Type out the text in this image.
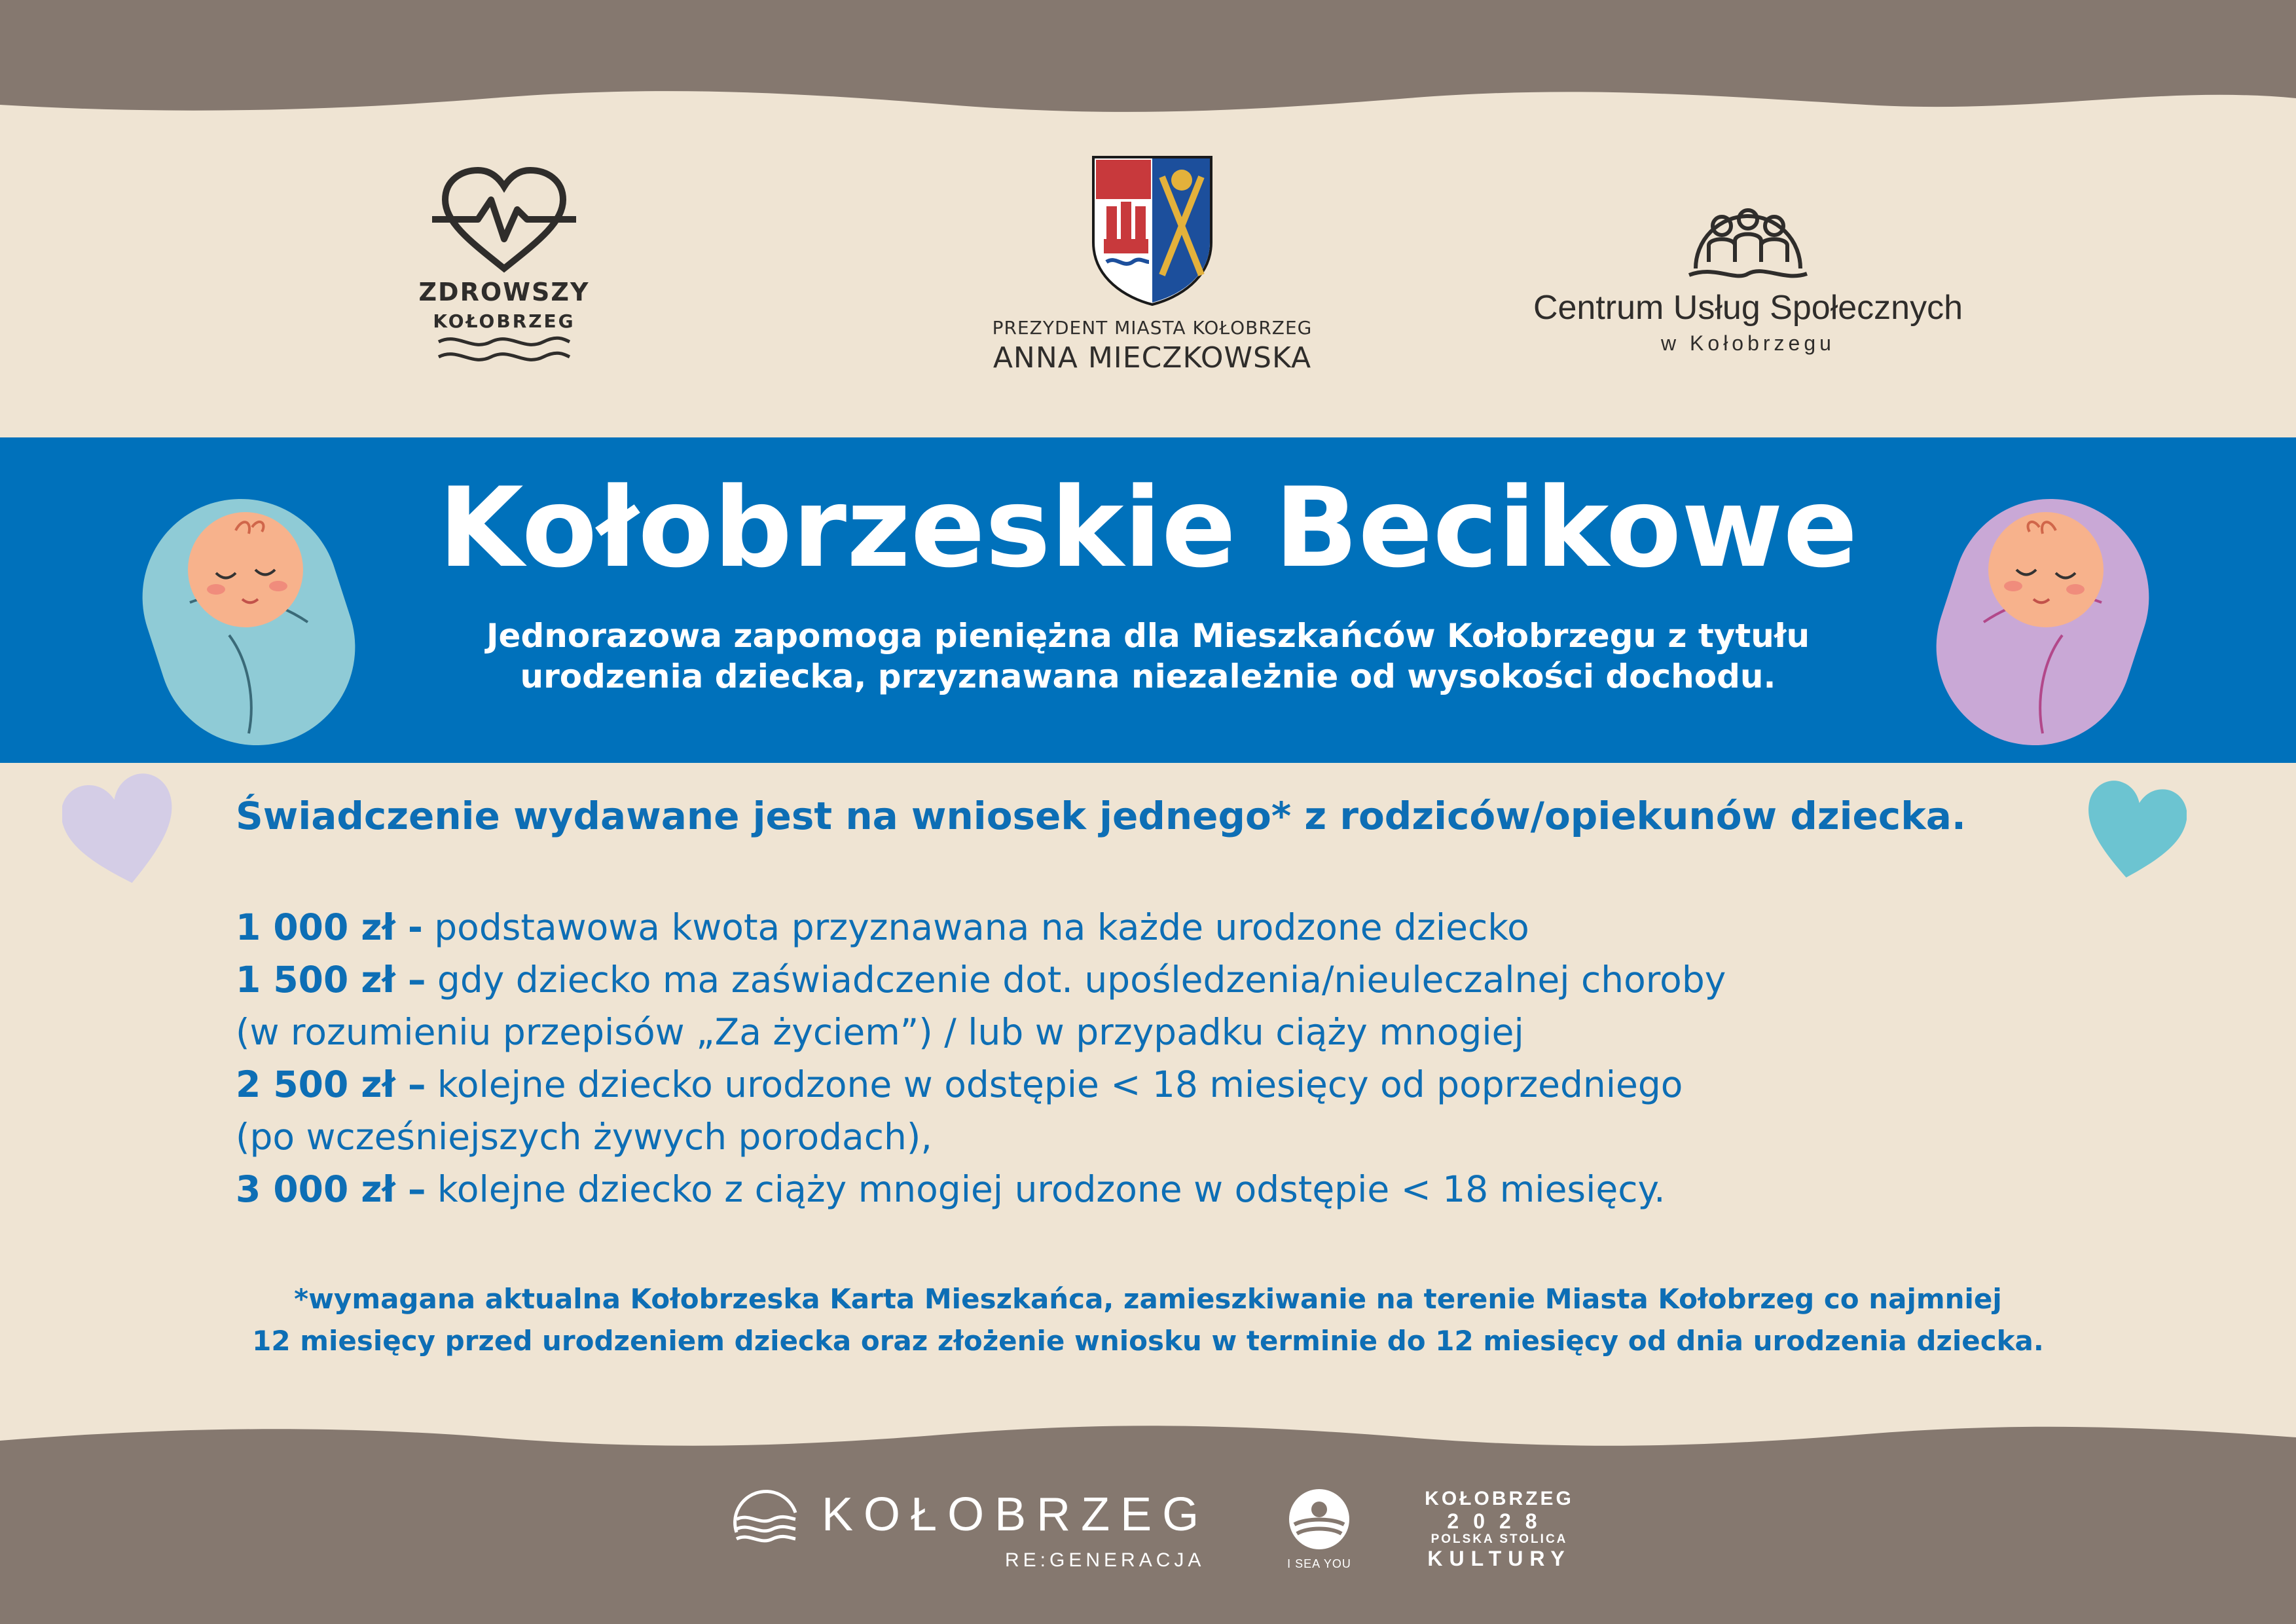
ZDROWSZY
KOŁOBRZEG	PREZYDENT MIASTA KOŁOBRZEG
ANNA MIECZKOWSKA
Centrum Usług Społecznych
w Kołobrzegu
Kołobrzeskie Becikowe
Jednorazowa zapomoga pieniężna dla Mieszkańców Kołobrzegu z tytułu
urodzenia dziecka, przyznawana niezależnie od wysokości dochodu.
Świadczenie wydawane jest na wniosek jednego* z rodziców/opiekunów dziecka.
1 000 zł - podstawowa kwota przyznawana na każde urodzone dziecko
1 500 zł – gdy dziecko ma zaświadczenie dot. upośledzenia/nieuleczalnej choroby
(w rozumieniu przepisów „Za życiem”) / lub w przypadku ciąży mnogiej
2 500 zł – kolejne dziecko urodzone w odstępie < 18 miesięcy od poprzedniego
(po wcześniejszych żywych porodach),
3 000 zł – kolejne dziecko z ciąży mnogiej urodzone w odstępie < 18 miesięcy.
*wymagana aktualna Kołobrzeska Karta Mieszkańca, zamieszkiwanie na terenie Miasta Kołobrzeg co najmniej
12 miesięcy przed urodzeniem dziecka oraz złożenie wniosku w terminie do 12 miesięcy od dnia urodzenia dziecka.
KOŁOBRZEG
RE:GENERACJA	I SEA YOU
KOŁOBRZEG
2028
POLSKA STOLICA
KULTURY
